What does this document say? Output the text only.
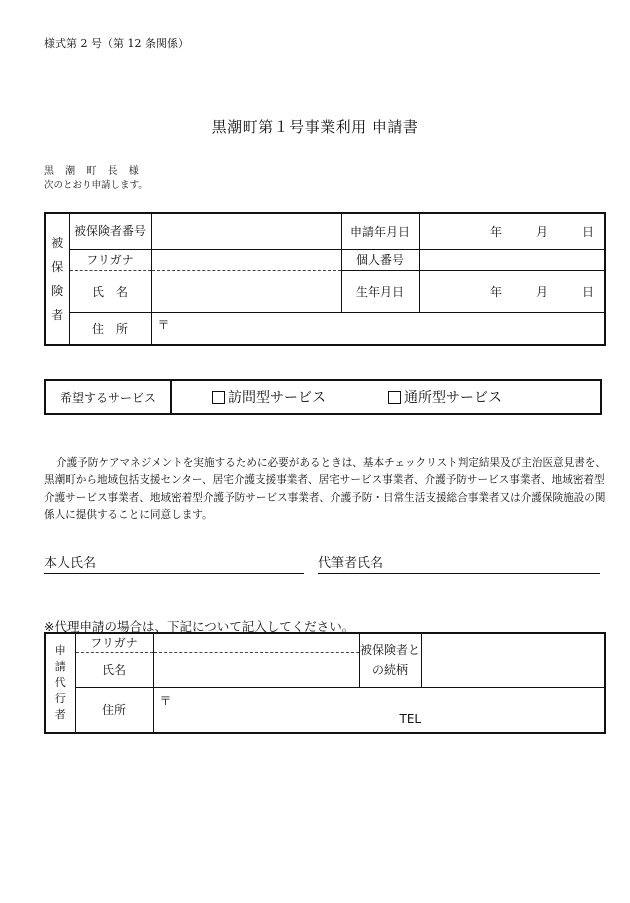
様式第 2 号（第 12 条関係）
黒潮町第１号事業利用 申請書
黒 潮 町 長 様
次のとおり申請します。
被
保
険
者	被保険者番号		申請年月日	年 月 日

	フリガナ		個人番号	

	氏　名		生年月日	年 月 日

	住　所	〒		
希望するサービス	訪問型サービス	通所型サービス
介護予防ケアマネジメントを実施するために必要があるときは、基本チェックリスト判定結果及び主治医意見書を、黒潮町から地域包括支援センター、居宅介護支援事業者、居宅サービス事業者、介護予防サービス事業者、地域密着型介護サービス事業者、地域密着型介護予防サービス事業者、介護予防・日常生活支援総合事業者又は介護保険施設の関係人に提供することに同意します。
本人氏名	代筆者氏名
※代理申請の場合は、下記について記入してください。
申
請
代
行
者	フリガナ		被保険者との続柄	
	氏名			
	住所	〒
TEL		
